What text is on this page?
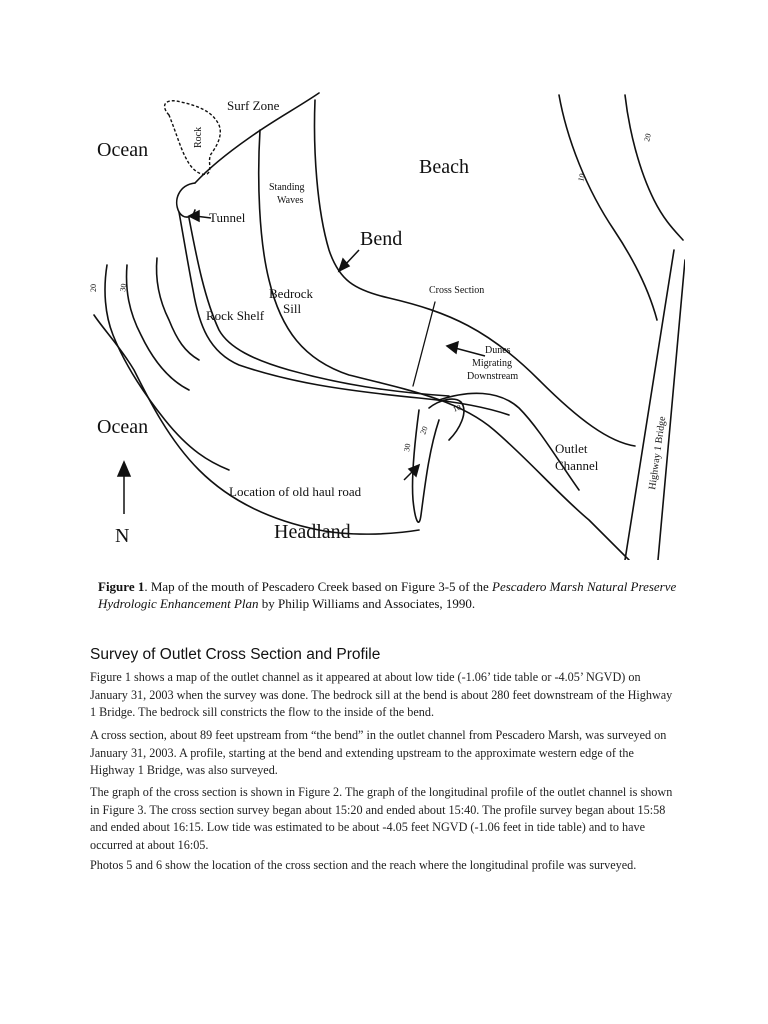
Ocean
Ocean
Beach
Bend
Headland
N
Surf Zone
Rock
Tunnel
Standing
Waves
Bedrock
Sill
Rock Shelf
Cross Section
Dunes
Migrating
Downstream
Outlet
Channel	Highway 1 Bridge
Location of old haul road
20
10
20	30
10
20
30
Figure 1. Map of the mouth of Pescadero Creek based on Figure 3-5 of the Pescadero Marsh Natural Preserve Hydrologic Enhancement Plan by Philip Williams and Associates, 1990.
Survey of Outlet Cross Section and Profile

Figure 1 shows a map of the outlet channel as it appeared at about low tide (-1.06’ tide table or -4.05’ NGVD) on January 31, 2003 when the survey was done. The bedrock sill at the bend is about 280 feet downstream of the Highway 1 Bridge. The bedrock sill constricts the flow to the inside of the bend.

A cross section, about 89 feet upstream from “the bend” in the outlet channel from Pescadero Marsh, was surveyed on January 31, 2003. A profile, starting at the bend and extending upstream to the approximate western edge of the Highway 1 Bridge, was also surveyed.

The graph of the cross section is shown in Figure 2. The graph of the longitudinal profile of the outlet channel is shown in Figure 3. The cross section survey began about 15:20 and ended about 15:40. The profile survey began about 15:58 and ended about 16:15. Low tide was estimated to be about -4.05 feet NGVD (-1.06 feet in tide table) and to have occurred at about 16:05.

Photos 5 and 6 show the location of the cross section and the reach where the longitudinal profile was surveyed.
